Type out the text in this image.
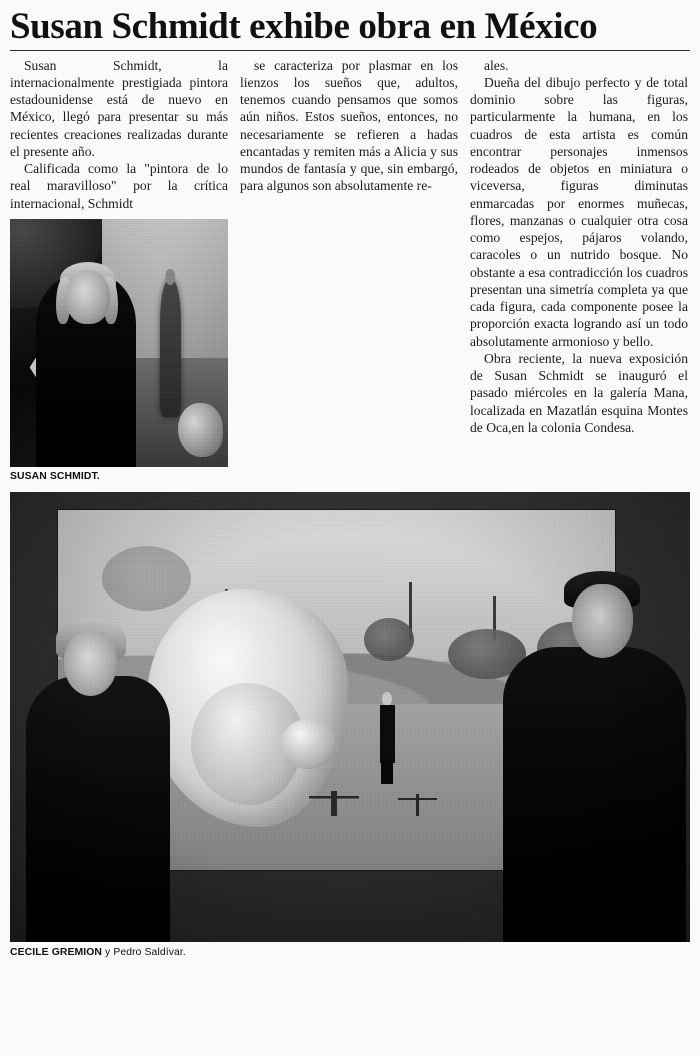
Susan Schmidt exhibe obra en México

Susan Schmidt, la internacionalmente prestigiada pintora estadounidense está de nuevo en México, llegó para presentar su más recientes creaciones realizadas durante el presente año.

Calificada como la "pintora de lo real maravilloso" por la crítica internacional, Schmidt

SUSAN SCHMIDT.

se caracteriza por plasmar en los lienzos los sueños que, adultos, tenemos cuando pensamos que somos aún niños. Estos sueños, entonces, no necesariamente se refieren a hadas encantadas y remiten más a Alicia y sus mundos de fantasía y que, sin embargó, para algunos son absolutamente re-

ales.

Dueña del dibujo perfecto y de total dominio sobre las figuras, particularmente la humana, en los cuadros de esta artista es común encontrar personajes inmensos rodeados de objetos en miniatura o viceversa, figuras diminutas enmarcadas por enormes muñecas, flores, manzanas o cualquier otra cosa como espejos, pájaros volando, caracoles o un nutrido bosque. No obstante a esa contradicción los cuadros presentan una simetría completa ya que cada figura, cada componente posee la proporción exacta logrando así un todo absolutamente armonioso y bello.

Obra reciente, la nueva exposición de Susan Schmidt se inauguró el pasado miércoles en la galería Mana, localizada en Mazatlán esquina Montes de Oca,en la colonia Condesa.

CECILE GREMION y Pedro Saldívar.
